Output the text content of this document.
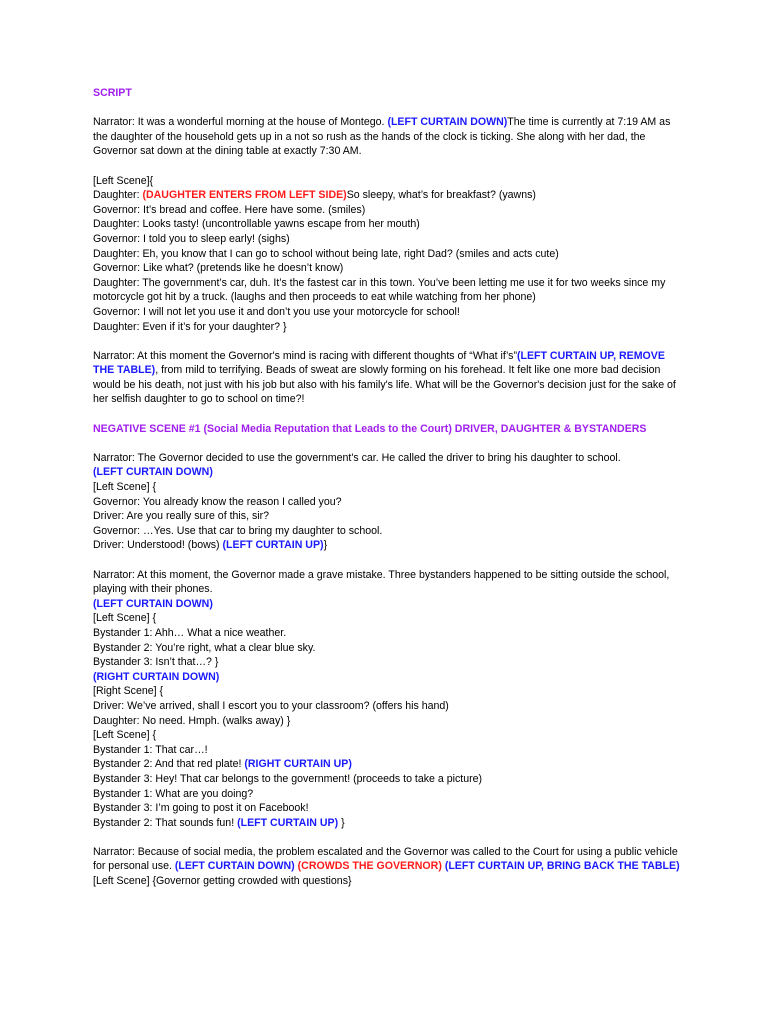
SCRIPT

Narrator: It was a wonderful morning at the house of Montego. (LEFT CURTAIN DOWN)The time is currently at 7:19 AM as the daughter of the household gets up in a not so rush as the hands of the clock is ticking. She along with her dad, the Governor sat down at the dining table at exactly 7:30 AM.

[Left Scene]{

Daughter: (DAUGHTER ENTERS FROM LEFT SIDE)So sleepy, what’s for breakfast? (yawns)

Governor: It’s bread and coffee. Here have some. (smiles)

Daughter: Looks tasty! (uncontrollable yawns escape from her mouth)

Governor: I told you to sleep early! (sighs)

Daughter: Eh, you know that I can go to school without being late, right Dad? (smiles and acts cute)

Governor: Like what? (pretends like he doesn’t know)

Daughter: The government’s car, duh. It’s the fastest car in this town. You’ve been letting me use it for two weeks since my motorcycle got hit by a truck. (laughs and then proceeds to eat while watching from her phone)

Governor: I will not let you use it and don’t you use your motorcycle for school!

Daughter: Even if it’s for your daughter? }

Narrator: At this moment the Governor's mind is racing with different thoughts of “What if’s”(LEFT CURTAIN UP, REMOVE THE TABLE), from mild to terrifying. Beads of sweat are slowly forming on his forehead. It felt like one more bad decision would be his death, not just with his job but also with his family's life. What will be the Governor's decision just for the sake of her selfish daughter to go to school on time?!

NEGATIVE SCENE #1 (Social Media Reputation that Leads to the Court) DRIVER, DAUGHTER & BYSTANDERS

Narrator: The Governor decided to use the government's car. He called the driver to bring his daughter to school.

(LEFT CURTAIN DOWN)

[Left Scene] {

Governor: You already know the reason I called you?

Driver: Are you really sure of this, sir?

Governor: …Yes. Use that car to bring my daughter to school.

Driver: Understood! (bows) (LEFT CURTAIN UP)}

Narrator: At this moment, the Governor made a grave mistake. Three bystanders happened to be sitting outside the school, playing with their phones.

(LEFT CURTAIN DOWN)

[Left Scene] {

Bystander 1: Ahh… What a nice weather.

Bystander 2: You’re right, what a clear blue sky.

Bystander 3: Isn’t that…? }

(RIGHT CURTAIN DOWN)

[Right Scene] {

Driver: We’ve arrived, shall I escort you to your classroom? (offers his hand)

Daughter: No need. Hmph. (walks away) }

[Left Scene] {

Bystander 1: That car…!

Bystander 2: And that red plate! (RIGHT CURTAIN UP)

Bystander 3: Hey! That car belongs to the government! (proceeds to take a picture)

Bystander 1: What are you doing?

Bystander 3: I’m going to post it on Facebook!

Bystander 2: That sounds fun! (LEFT CURTAIN UP) }

Narrator: Because of social media, the problem escalated and the Governor was called to the Court for using a public vehicle for personal use. (LEFT CURTAIN DOWN) (CROWDS THE GOVERNOR) (LEFT CURTAIN UP, BRING BACK THE TABLE)

[Left Scene] {Governor getting crowded with questions}
